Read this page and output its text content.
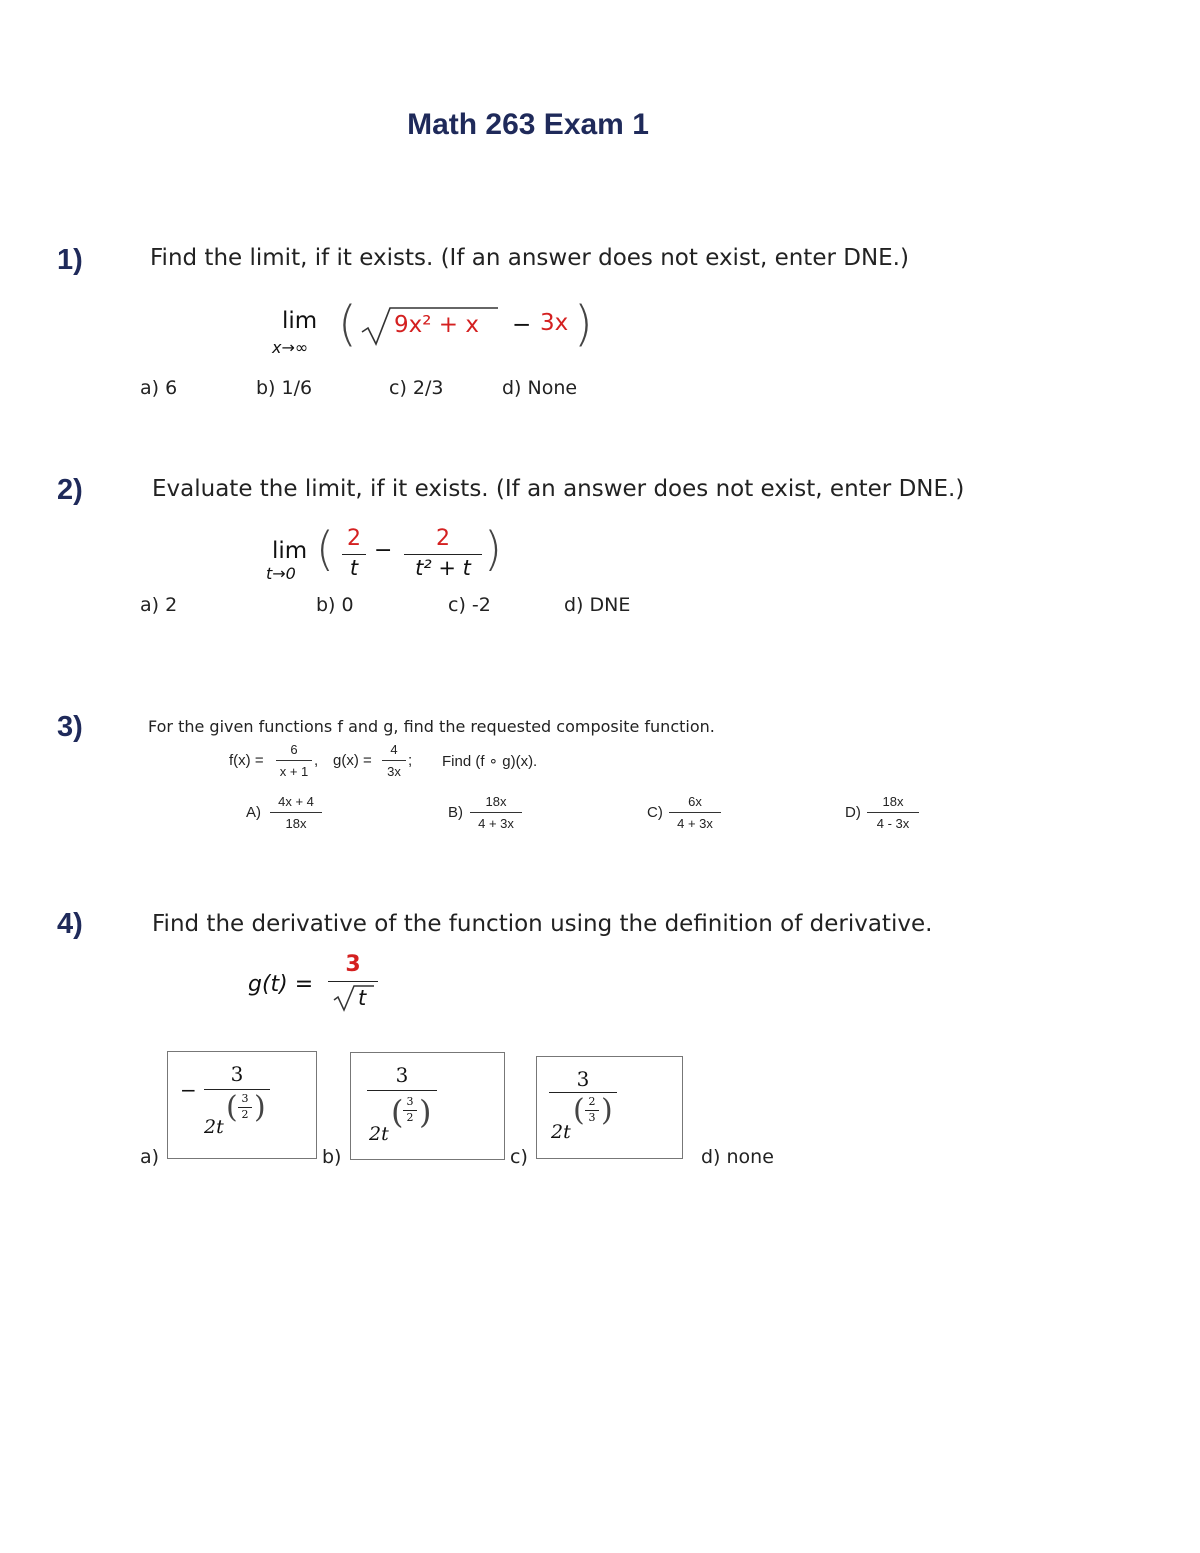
Math 263 Exam 1
1)	Find the limit, if it exists. (If an answer does not exist, enter DNE.)
lim
x→∞ ( 9x² + x − 3x )
a) 6	b) 1/6	c) 2/3	d) None
2)	Evaluate the limit, if it exists. (If an answer does not exist, enter DNE.)
lim
t→0 ( 2
t
−	2
t² + t )
a) 2	b) 0	c) -2	d) DNE
3)	For the given functions f and g, find the requested composite function.
f(x) =
6
x + 1
, g(x) =
4
3x
; Find (f ∘ g)(x).
A)
4x + 4
18x
B)
18x
4 + 3x
C)
6x
4 + 3x
D)
18x
4 - 3x
4)	Find the derivative of the function using the definition of derivative.
g(t) =
3
t
a)
−
3
2t
( 3
2 )
b)
3
2t
( 3
2 )
c)
3
2t
( 2
3 )
d) none
